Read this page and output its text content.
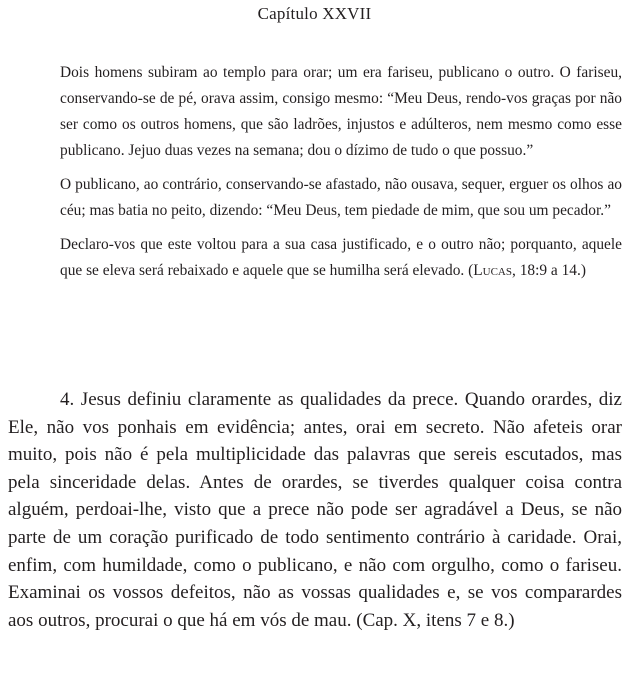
Capítulo XXVII

Dois homens subiram ao templo para orar; um era fariseu, publicano o outro. O fariseu, conservando-se de pé, orava assim, consigo mesmo: “Meu Deus, rendo-vos graças por não ser como os outros homens, que são ladrões, injustos e adúlteros, nem mesmo como esse publicano. Jejuo duas vezes na semana; dou o dízimo de tudo o que possuo.”

O publicano, ao contrário, conservando-se afastado, não ousava, sequer, erguer os olhos ao céu; mas batia no peito, dizendo: “Meu Deus, tem piedade de mim, que sou um pecador.”

Declaro-vos que este voltou para a sua casa justificado, e o outro não; porquanto, aquele que se eleva será rebaixado e aquele que se humilha será elevado. (Lucas, 18:9 a 14.)

4. Jesus definiu claramente as qualidades da prece. Quando orardes, diz Ele, não vos ponhais em evidência; antes, orai em secreto. Não afeteis orar muito, pois não é pela multiplicidade das palavras que sereis escutados, mas pela sinceridade delas. Antes de orardes, se tiverdes qualquer coisa contra alguém, perdoai-lhe, visto que a prece não pode ser agradável a Deus, se não parte de um coração purificado de todo sentimento contrário à caridade. Orai, enfim, com humildade, como o publicano, e não com orgulho, como o fariseu. Examinai os vossos defeitos, não as vossas qualidades e, se vos comparardes aos outros, procurai o que há em vós de mau. (Cap. X, itens 7 e 8.)
